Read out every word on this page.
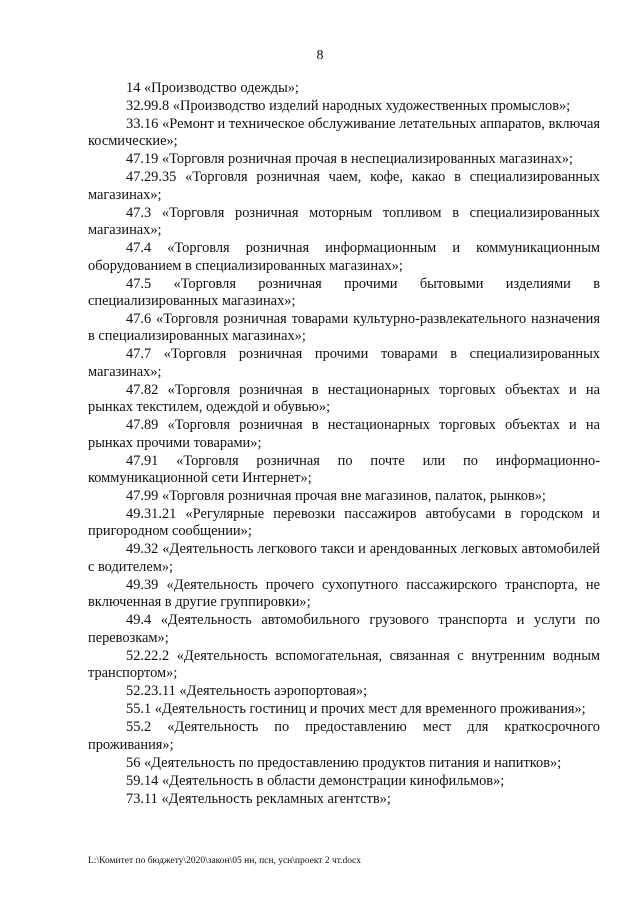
8

14 «Производство одежды»;

32.99.8 «Производство изделий народных художественных промыслов»;

33.16 «Ремонт и техническое обслуживание летательных аппаратов, включая космические»;

47.19 «Торговля розничная прочая в неспециализированных магазинах»;

47.29.35 «Торговля розничная чаем, кофе, какао в специализированных магазинах»;

47.3 «Торговля розничная моторным топливом в специализированных магазинах»;

47.4 «Торговля розничная информационным и коммуникационным оборудованием в специализированных магазинах»;

47.5 «Торговля розничная прочими бытовыми изделиями в специализированных магазинах»;

47.6 «Торговля розничная товарами культурно-развлекательного назначения в специализированных магазинах»;

47.7 «Торговля розничная прочими товарами в специализированных магазинах»;

47.82 «Торговля розничная в нестационарных торговых объектах и на рынках текстилем, одеждой и обувью»;

47.89 «Торговля розничная в нестационарных торговых объектах и на рынках прочими товарами»;

47.91 «Торговля розничная по почте или по информационно-коммуникационной сети Интернет»;

47.99 «Торговля розничная прочая вне магазинов, палаток, рынков»;

49.31.21 «Регулярные перевозки пассажиров автобусами в городском и пригородном сообщении»;

49.32 «Деятельность легкового такси и арендованных легковых автомобилей с водителем»;

49.39 «Деятельность прочего сухопутного пассажирского транспорта, не включенная в другие группировки»;

49.4 «Деятельность автомобильного грузового транспорта и услуги по перевозкам»;

52.22.2 «Деятельность вспомогательная, связанная с внутренним водным транспортом»;

52.23.11 «Деятельность аэропортовая»;

55.1 «Деятельность гостиниц и прочих мест для временного проживания»;

55.2 «Деятельность по предоставлению мест для краткосрочного проживания»;

56 «Деятельность по предоставлению продуктов питания и напитков»;

59.14 «Деятельность в области демонстрации кинофильмов»;

73.11 «Деятельность рекламных агентств»;

L:\Комитет по бюджету\2020\закон\05 нн, псн, усн\проект 2 чт.docx
